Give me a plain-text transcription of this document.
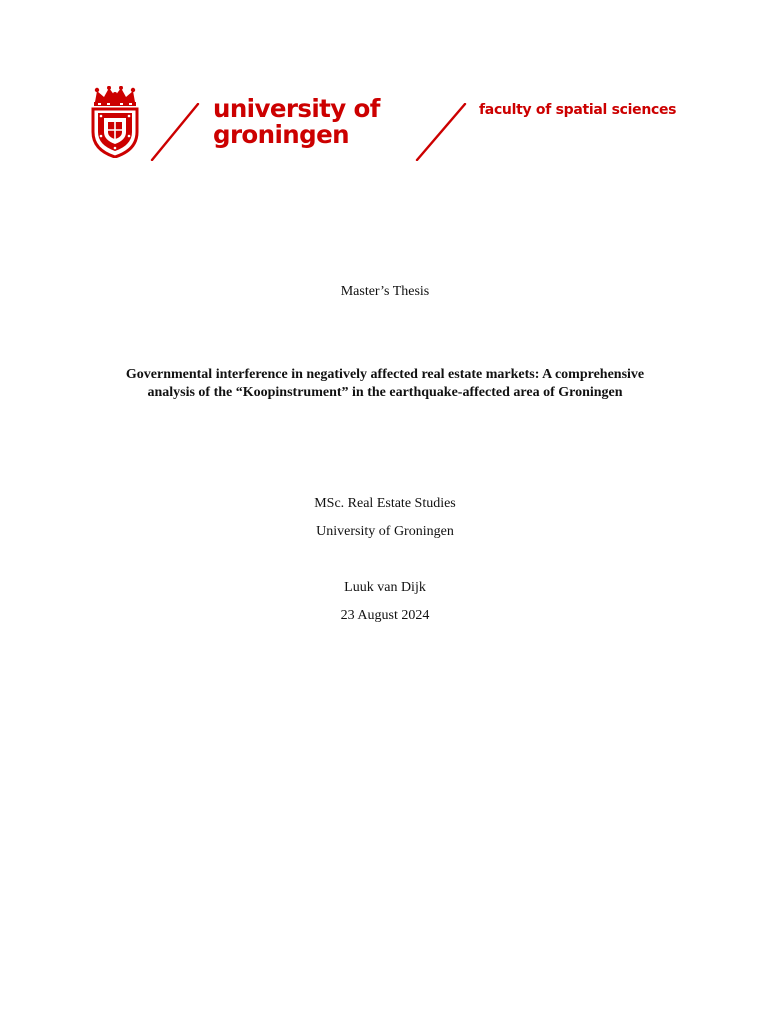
university of
groningen
faculty of spatial sciences
Master’s Thesis
Governmental interference in negatively affected real estate markets: A comprehensive
analysis of the “Koopinstrument” in the earthquake-affected area of Groningen
MSc. Real Estate Studies
University of Groningen
Luuk van Dijk
23 August 2024
